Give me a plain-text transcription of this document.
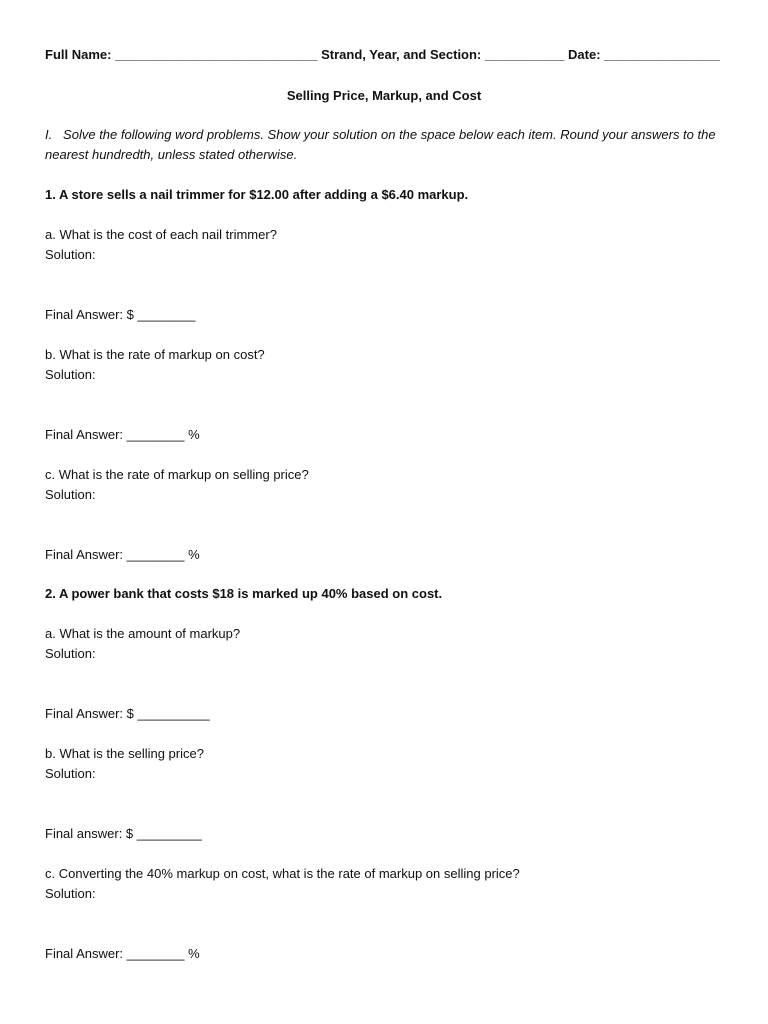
Full Name: ____________________________ Strand, Year, and Section: ___________ Date: ________________
Selling Price, Markup, and Cost
I.   Solve the following word problems. Show your solution on the space below each item. Round your answers to the
nearest hundredth, unless stated otherwise.
1. A store sells a nail trimmer for $12.00 after adding a $6.40 markup.
a. What is the cost of each nail trimmer?
Solution:
Final Answer: $ ________
b. What is the rate of markup on cost?
Solution:
Final Answer: ________ %
c. What is the rate of markup on selling price?
Solution:
Final Answer: ________ %
2. A power bank that costs $18 is marked up 40% based on cost.
a. What is the amount of markup?
Solution:
Final Answer: $ __________
b. What is the selling price?
Solution:
Final answer: $ _________
c. Converting the 40% markup on cost, what is the rate of markup on selling price?
Solution:
Final Answer: ________ %
